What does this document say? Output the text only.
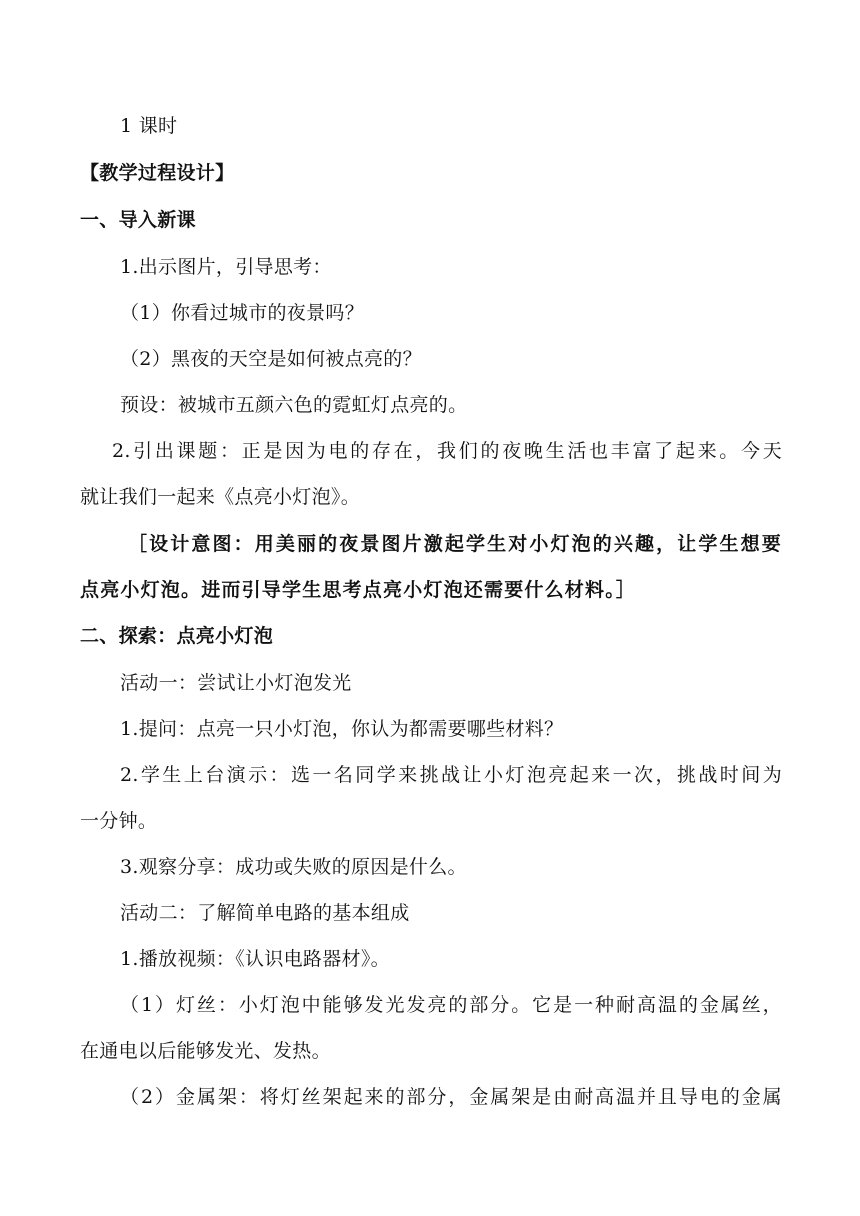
1 课时
【教学过程设计】
一、导入新课
1.出示图片，引导思考：
（1）你看过城市的夜景吗？
（2）黑夜的天空是如何被点亮的？
预设：被城市五颜六色的霓虹灯点亮的。
2.引出课题：正是因为电的存在，我们的夜晚生活也丰富了起来。今天
就让我们一起来《点亮小灯泡》。
［设计意图：用美丽的夜景图片激起学生对小灯泡的兴趣，让学生想要
点亮小灯泡。进而引导学生思考点亮小灯泡还需要什么材料。］
二、探索：点亮小灯泡
活动一：尝试让小灯泡发光
1.提问：点亮一只小灯泡，你认为都需要哪些材料？
2.学生上台演示：选一名同学来挑战让小灯泡亮起来一次，挑战时间为
一分钟。
3.观察分享：成功或失败的原因是什么。
活动二：了解简单电路的基本组成
1.播放视频：《认识电路器材》。
（1）灯丝：小灯泡中能够发光发亮的部分。它是一种耐高温的金属丝，
在通电以后能够发光、发热。
（2）金属架：将灯丝架起来的部分，金属架是由耐高温并且导电的金属
